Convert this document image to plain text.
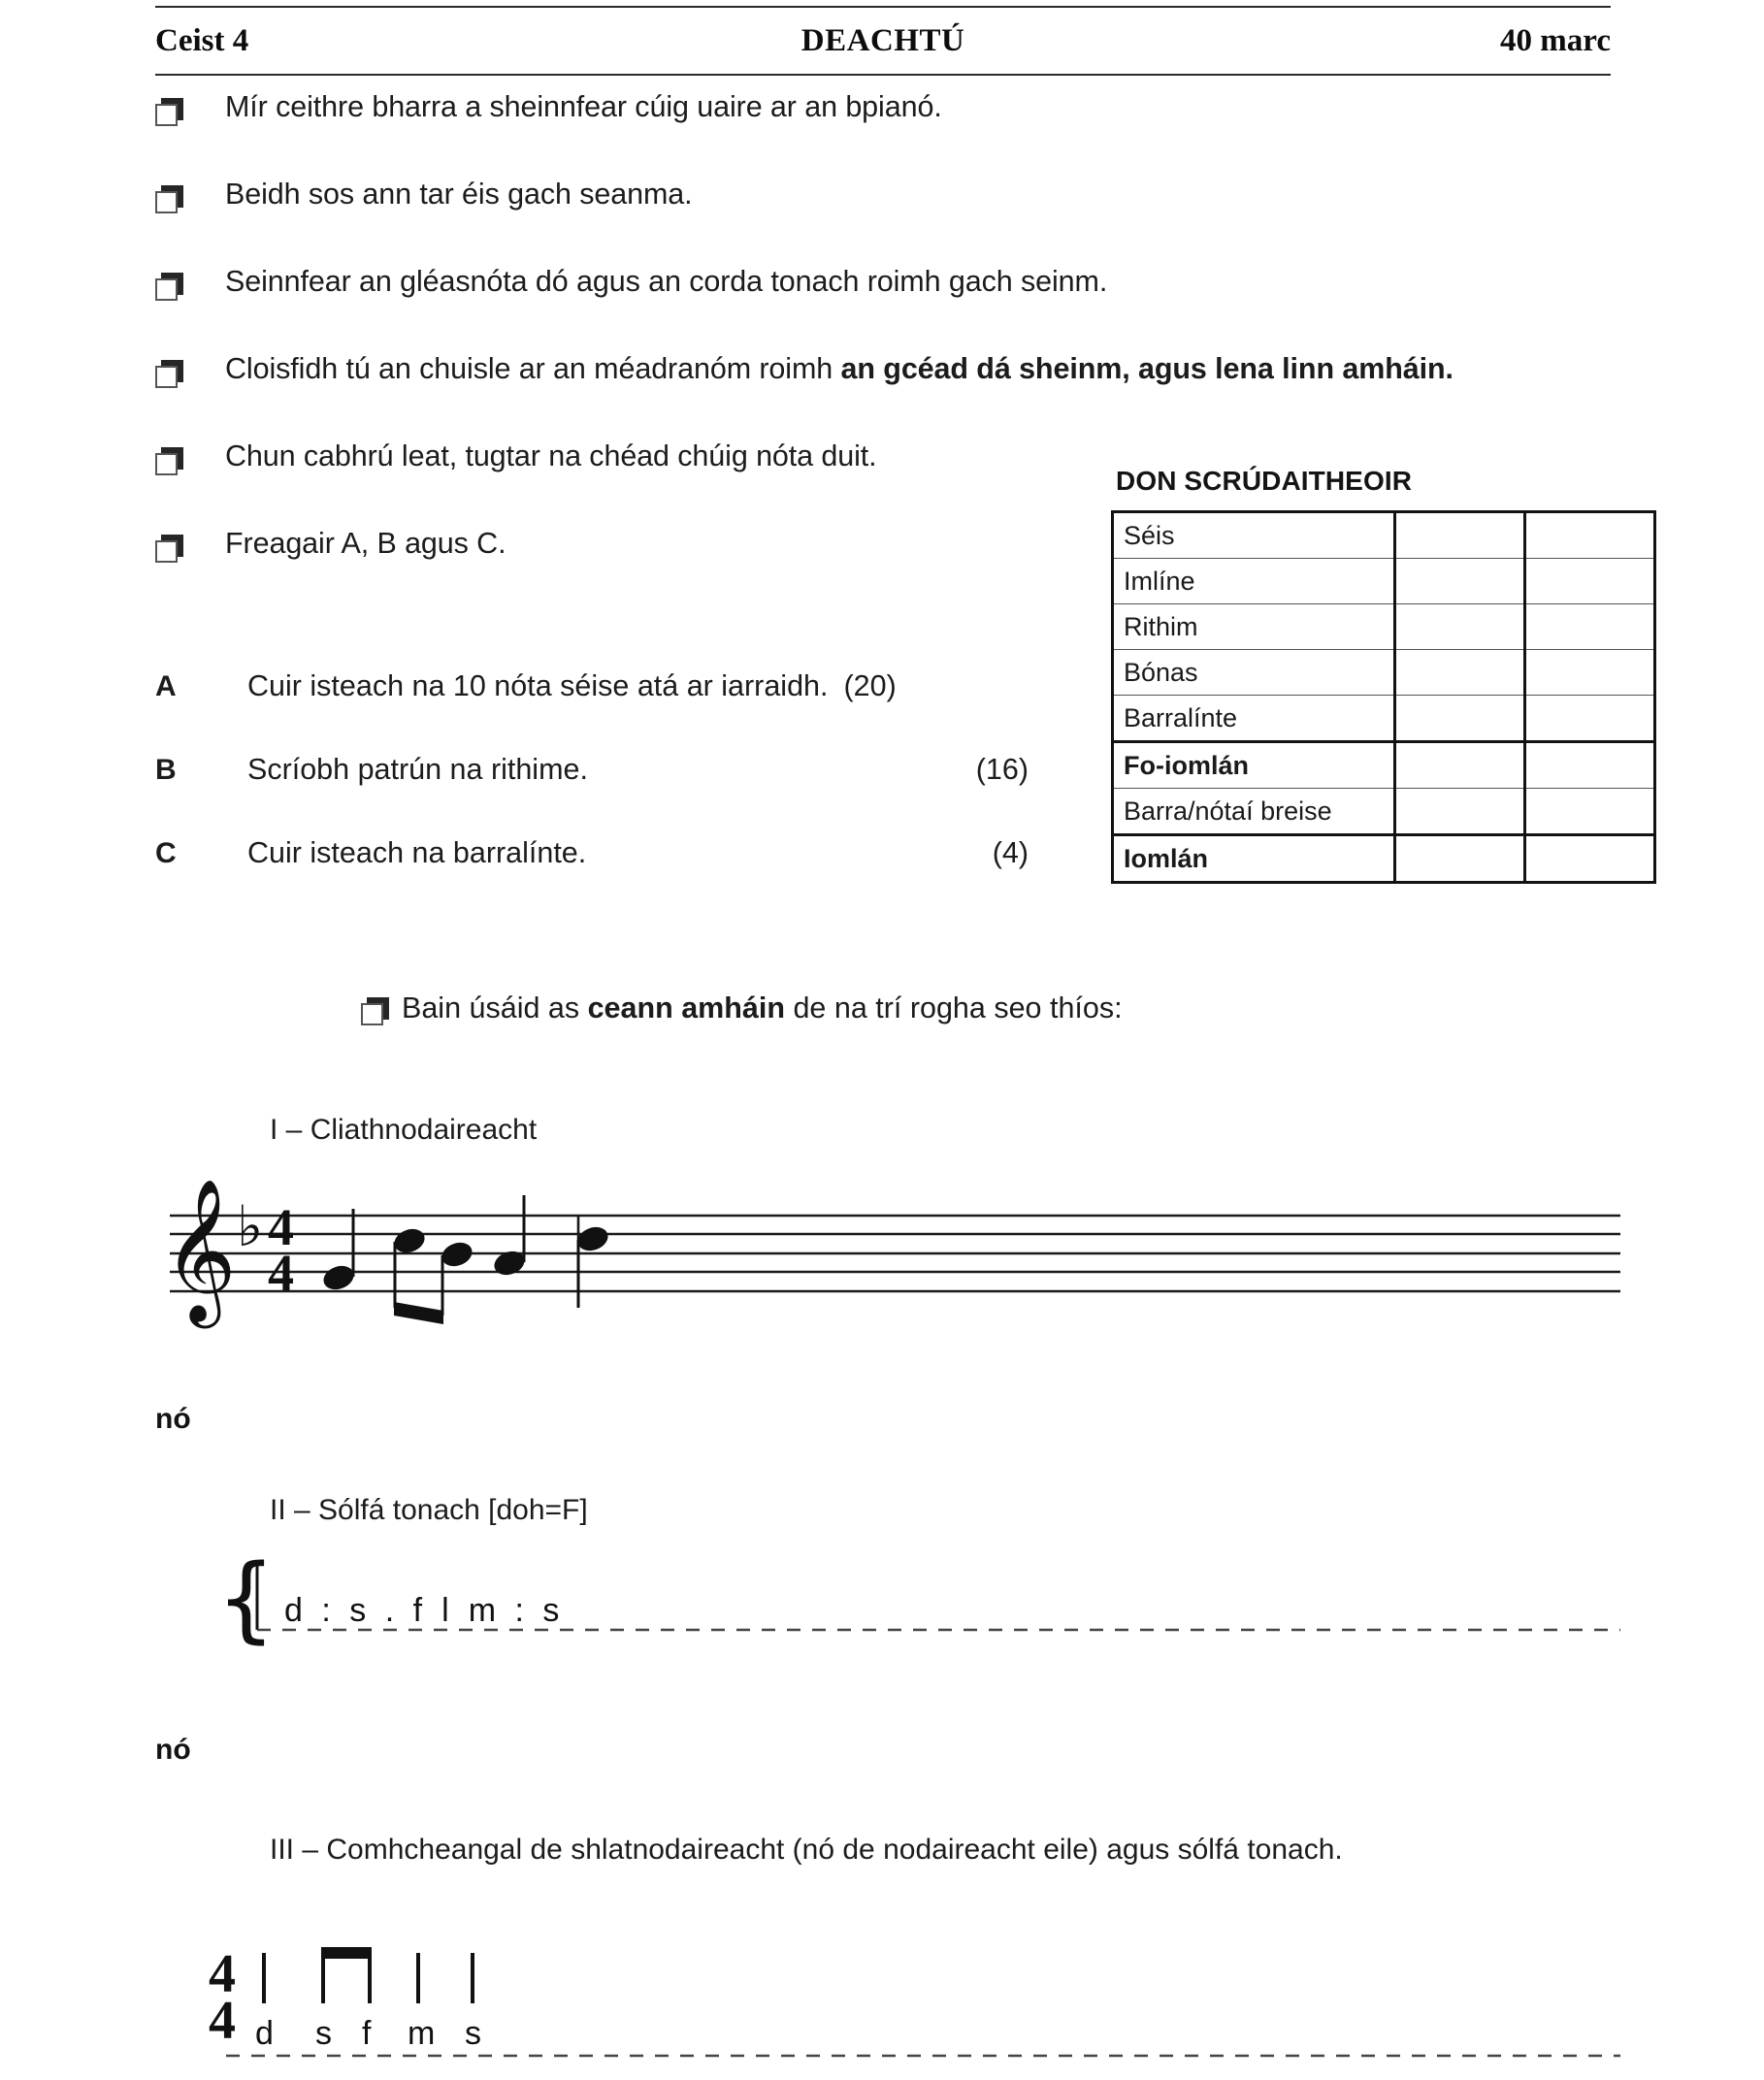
Ceist 4	DEACHTÚ	40 marc
Mír ceithre bharra a sheinnfear cúig uaire ar an bpianó.
Beidh sos ann tar éis gach seanma.
Seinnfear an gléasnóta dó agus an corda tonach roimh gach seinm.
Cloisfidh tú an chuisle ar an méadranóm roimh an gcéad dá sheinm, agus lena linn amháin.
Chun cabhrú leat, tugtar na chéad chúig nóta duit.
Freagair A, B agus C.
DON SCRÚDAITHEOIR
Séis		
Imlíne		
Rithim		
Bónas		
Barralínte		
Fo-iomlán		
Barra/nótaí breise		
Iomlán		
A	Cuir isteach na 10 nóta séise atá ar iarraidh. (20)
B	Scríobh patrún na rithime.	(16)
C	Cuir isteach na barralínte.	(4)
Bain úsáid as ceann amháin de na trí rogha seo thíos:
I – Cliathnodaireacht
𝄞 ♭ 4
4
nó
II – Sólfá tonach [doh=F]
{ d : s . f ǀ m : s
nó
III – Comhcheangal de shlatnodaireacht (nó de nodaireacht eile) agus sólfá tonach.
4
4 d s f m s
